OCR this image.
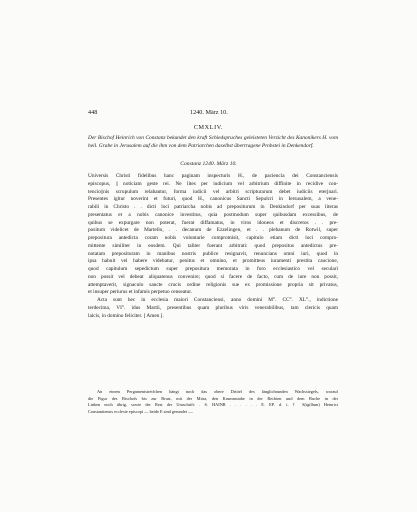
448	1240. März 10.
CMXLIV.
Der Bischof Heinrich von Constanz bekundet den kraft Schiedspruches geleisteten Verzicht des Kanonikers H. vom heil. Grabe in Jerusalem auf die ihm von dem Patriarchen daselbst übertragene Probstei in Denkendorf.
Constanz 1240. März 10.
Universis Christi fidelibus hanc paginam inspecturis H., de paciencia dei Constanciensis
episcopus, || noticiam geste rei. Ne lites per iudicium vel arbitrium diffinite in recidive con-
tencio||nis scrupulum relabantur, forma iudicii vel arbitri scripturarum debet iudiciis eterjnari.
Presentes igitur noverint et futuri, quod H., canonicus Sancti Sepulcri in Iersusalem, a vene-
rabili in Christo . . dicti loci patriarcha nobis ad prepositurum in Denkindorf per suas literas
presentatus et a nobis canonice investitus, quia postmodum super quibusdam excessibus, de
quibus se expurgare non poterat, fuerat diffamatus, in viros idoneos et discretos . . pre-
positum videlicet de Martello, . . decanum de Ezzelingen, et . . plebanum de Rotwil, super
prepositura antedicta coram nobis voluntarie compromisit, capitulo etiam dicti loci compro-
mittente similiter in eosdem. Qui taliter fuerant arbitrati: quod prepositus antedictus pre-
notatam preposituram in manibus nostris publice resignavit, renuncians omni iuri, quod in
ipsa habuit vel habere videbatur, penitus et omnino, et promitteus iuramenti prestita caucione,
quod capitulum sepedictum super prepositura memorata in foro ecclesiastico vel seculari
non possit vel debeat aliquatenus convenire; quod si facere de facto, cum de iure non possit,
attemptaverit, signaculo sancte crucis ordine religionis sue ex promissione propria sit privatus,
et insuper periurus et infamis perpetuo censeatur.
Acta sunt hec in ecclesia maiori Constanciensi, anno domini M°. CC°. XL°., indictione
terdecima, VI°. idus Martii, presentibus quam pluribus viris venerabilibus, tam clericis quam
laicis, in domino feliciter. [ Amen ].
An einem Pergamentstreifchen hängt noch das obere Drittel des länglichrunden Wachssiegels, worauf
die Figur des Bischofs bis zur Brust, mit der Mitra, den Krummstabe in der Rechten und dem Buche in der
Linken noch übrig, sowie der Rest der Umschrift: . S. HAINR . . . . . . E. EP. d. i. † S(igillum) Heinrici
Constantiensis ecclesie episcopi — beide E sind gerundet —.
